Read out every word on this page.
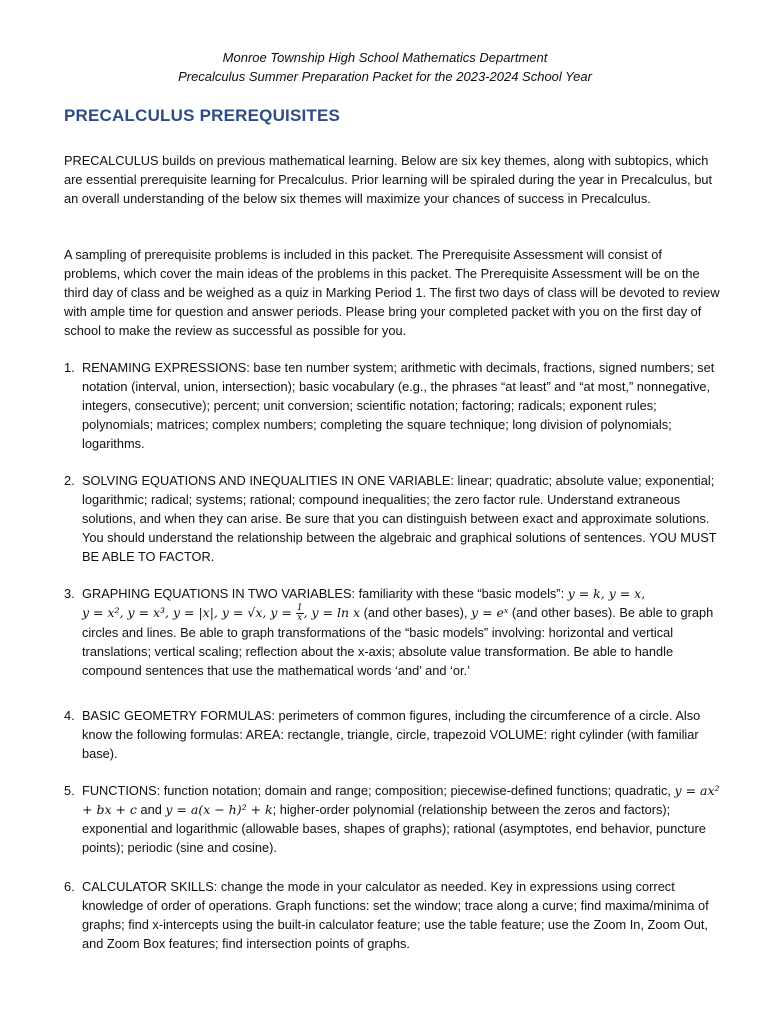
Monroe Township High School Mathematics Department
Precalculus Summer Preparation Packet for the 2023-2024 School Year
PRECALCULUS PREREQUISITES

PRECALCULUS builds on previous mathematical learning. Below are six key themes, along with subtopics, which are essential prerequisite learning for Precalculus. Prior learning will be spiraled during the year in Precalculus, but an overall understanding of the below six themes will maximize your chances of success in Precalculus.

A sampling of prerequisite problems is included in this packet. The Prerequisite Assessment will consist of problems, which cover the main ideas of the problems in this packet. The Prerequisite Assessment will be on the third day of class and be weighed as a quiz in Marking Period 1. The first two days of class will be devoted to review with ample time for question and answer periods. Please bring your completed packet with you on the first day of school to make the review as successful as possible for you.

1. RENAMING EXPRESSIONS: base ten number system; arithmetic with decimals, fractions, signed numbers; set notation (interval, union, intersection); basic vocabulary (e.g., the phrases “at least” and “at most,” nonnegative, integers, consecutive); percent; unit conversion; scientific notation; factoring; radicals; exponent rules; polynomials; matrices; complex numbers; completing the square technique; long division of polynomials; logarithms.
2. SOLVING EQUATIONS AND INEQUALITIES IN ONE VARIABLE: linear; quadratic; absolute value; exponential; logarithmic; radical; systems; rational; compound inequalities; the zero factor rule. Understand extraneous solutions, and when they can arise. Be sure that you can distinguish between exact and approximate solutions. You should understand the relationship between the algebraic and graphical solutions of sentences. YOU MUST BE ABLE TO FACTOR.
3. GRAPHING EQUATIONS IN TWO VARIABLES: familiarity with these “basic models”: y = k, y = x,
y = x², y = x³, y = |x|, y = √x, $y = \frac{1}{x}$ , y = ln x (and other bases), y = eˣ (and other bases). Be able to graph circles and lines. Be able to graph transformations of the “basic models” involving: horizontal and vertical translations; vertical scaling; reflection about the x-axis; absolute value transformation. Be able to handle compound sentences that use the mathematical words ‘and’ and ‘or.’
4. BASIC GEOMETRY FORMULAS: perimeters of common figures, including the circumference of a circle. Also know the following formulas: AREA: rectangle, triangle, circle, trapezoid VOLUME: right cylinder (with familiar base).
5. FUNCTIONS: function notation; domain and range; composition; piecewise-defined functions; quadratic, y = ax² + bx + c and y = a(x − h)² + k; higher-order polynomial (relationship between the zeros and factors); exponential and logarithmic (allowable bases, shapes of graphs); rational (asymptotes, end behavior, puncture points); periodic (sine and cosine).
6. CALCULATOR SKILLS: change the mode in your calculator as needed. Key in expressions using correct knowledge of order of operations. Graph functions: set the window; trace along a curve; find maxima/minima of graphs; find x-intercepts using the built-in calculator feature; use the table feature; use the Zoom In, Zoom Out, and Zoom Box features; find intersection points of graphs.
